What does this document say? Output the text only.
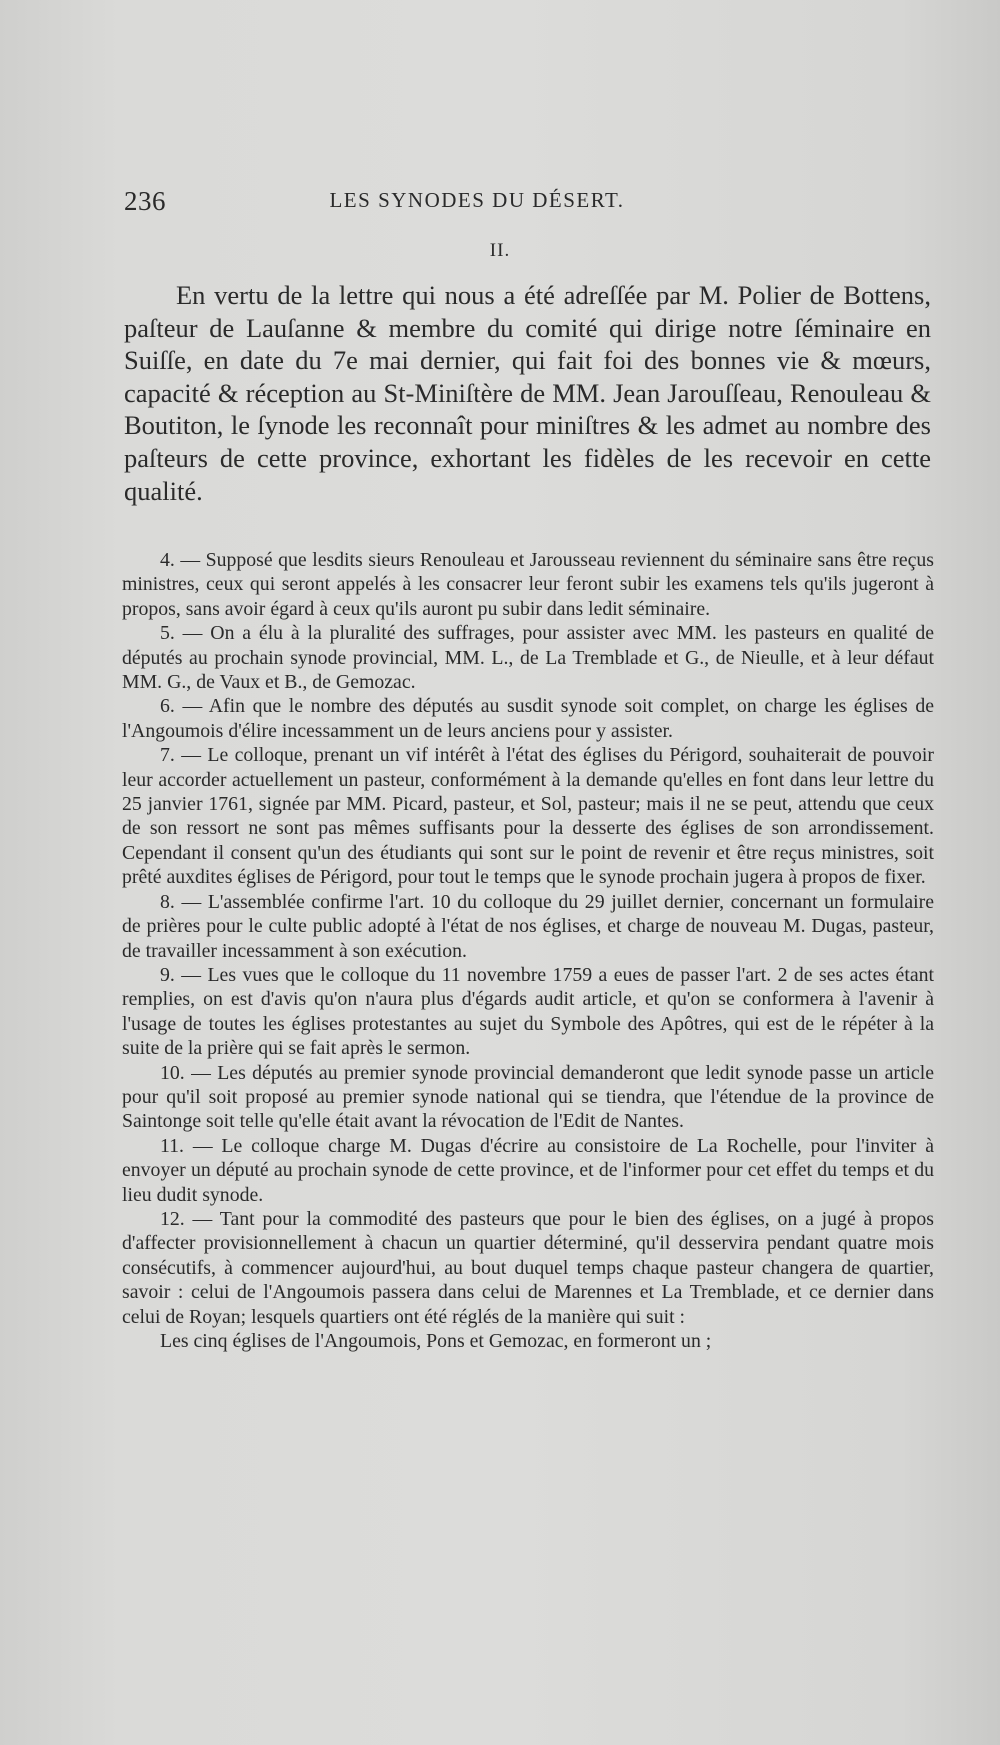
236	LES SYNODES DU DÉSERT.
II.

En vertu de la lettre qui nous a été adreſſée par M. Polier de Bottens, paſteur de Lauſanne & membre du comité qui dirige notre ſéminaire en Suiſſe, en date du 7e mai dernier, qui fait foi des bonnes vie & mœurs, capacité & réception au St-Miniſtère de MM. Jean Jarouſſeau, Renouleau & Boutiton, le ſynode les reconnaît pour miniſtres & les admet au nombre des paſteurs de cette province, exhortant les fidèles de les recevoir en cette qualité.

4. — Supposé que lesdits sieurs Renouleau et Jarousseau reviennent du séminaire sans être reçus ministres, ceux qui seront appelés à les consacrer leur feront subir les examens tels qu'ils jugeront à propos, sans avoir égard à ceux qu'ils auront pu subir dans ledit séminaire.

5. — On a élu à la pluralité des suffrages, pour assister avec MM. les pasteurs en qualité de députés au prochain synode provincial, MM. L., de La Tremblade et G., de Nieulle, et à leur défaut MM. G., de Vaux et B., de Gemozac.

6. — Afin que le nombre des députés au susdit synode soit complet, on charge les églises de l'Angoumois d'élire incessamment un de leurs anciens pour y assister.

7. — Le colloque, prenant un vif intérêt à l'état des églises du Périgord, souhaiterait de pouvoir leur accorder actuellement un pasteur, conformément à la demande qu'elles en font dans leur lettre du 25 janvier 1761, signée par MM. Picard, pasteur, et Sol, pasteur; mais il ne se peut, attendu que ceux de son ressort ne sont pas mêmes suffisants pour la desserte des églises de son arrondissement. Cependant il consent qu'un des étudiants qui sont sur le point de revenir et être reçus ministres, soit prêté auxdites églises de Périgord, pour tout le temps que le synode prochain jugera à propos de fixer.

8. — L'assemblée confirme l'art. 10 du colloque du 29 juillet dernier, concernant un formulaire de prières pour le culte public adopté à l'état de nos églises, et charge de nouveau M. Dugas, pasteur, de travailler incessamment à son exécution.

9. — Les vues que le colloque du 11 novembre 1759 a eues de passer l'art. 2 de ses actes étant remplies, on est d'avis qu'on n'aura plus d'égards audit article, et qu'on se conformera à l'avenir à l'usage de toutes les églises protestantes au sujet du Symbole des Apôtres, qui est de le répéter à la suite de la prière qui se fait après le sermon.

10. — Les députés au premier synode provincial demanderont que ledit synode passe un article pour qu'il soit proposé au premier synode national qui se tiendra, que l'étendue de la province de Saintonge soit telle qu'elle était avant la révocation de l'Edit de Nantes.

11. — Le colloque charge M. Dugas d'écrire au consistoire de La Rochelle, pour l'inviter à envoyer un député au prochain synode de cette province, et de l'informer pour cet effet du temps et du lieu dudit synode.

12. — Tant pour la commodité des pasteurs que pour le bien des églises, on a jugé à propos d'affecter provisionnellement à chacun un quartier déterminé, qu'il desservira pendant quatre mois consécutifs, à commencer aujourd'hui, au bout duquel temps chaque pasteur changera de quartier, savoir : celui de l'Angoumois passera dans celui de Marennes et La Tremblade, et ce dernier dans celui de Royan; lesquels quartiers ont été réglés de la manière qui suit :

Les cinq églises de l'Angoumois, Pons et Gemozac, en formeront un ;
